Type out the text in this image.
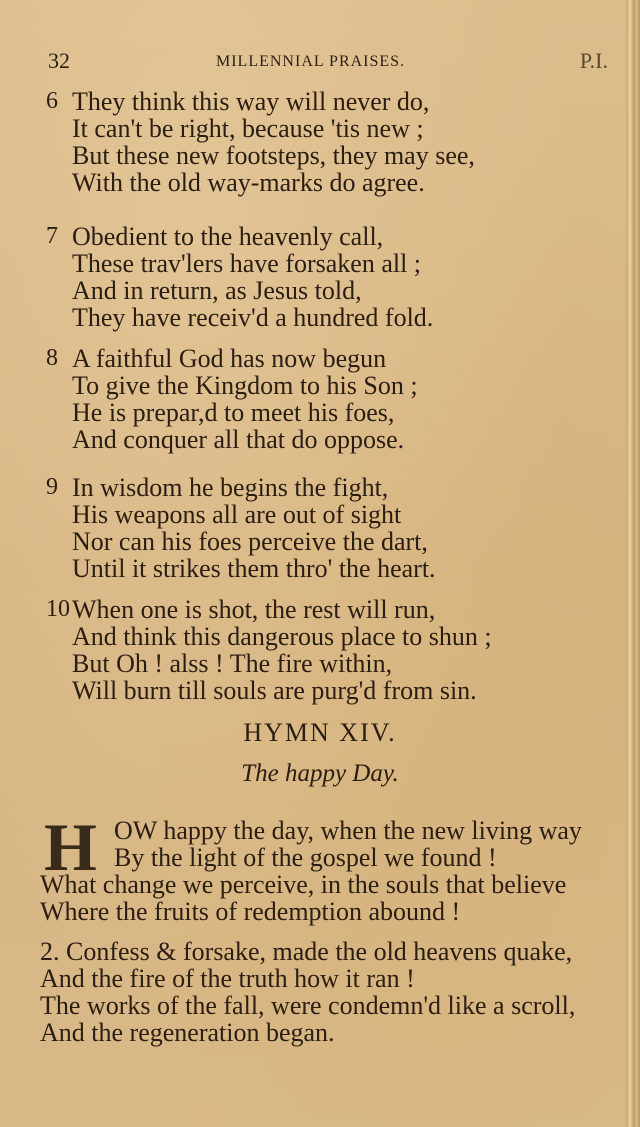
32	MILLENNIAL PRAISES.	P.I.
6 They think this way will never do,
It can't be right, because 'tis new ;
But these new footsteps, they may see,
With the old way-marks do agree.
7 Obedient to the heavenly call,
These trav'lers have forsaken all ;
And in return, as Jesus told,
They have receiv'd a hundred fold.
8 A faithful God has now begun
To give the Kingdom to his Son ;
He is prepar,d to meet his foes,
And conquer all that do oppose.
9 In wisdom he begins the fight,
His weapons all are out of sight
Nor can his foes perceive the dart,
Until it strikes them thro' the heart.
10 When one is shot, the rest will run,
And think this dangerous place to shun ;
But Oh ! alss ! The fire within,
Will burn till souls are purg'd from sin.
HYMN XIV.
The happy Day.
H OW happy the day, when the new living way
By the light of the gospel we found !
What change we perceive, in the souls that believe
Where the fruits of redemption abound !
2. Confess & forsake, made the old heavens quake,
And the fire of the truth how it ran !
The works of the fall, were condemn'd like a scroll,
And the regeneration began.
